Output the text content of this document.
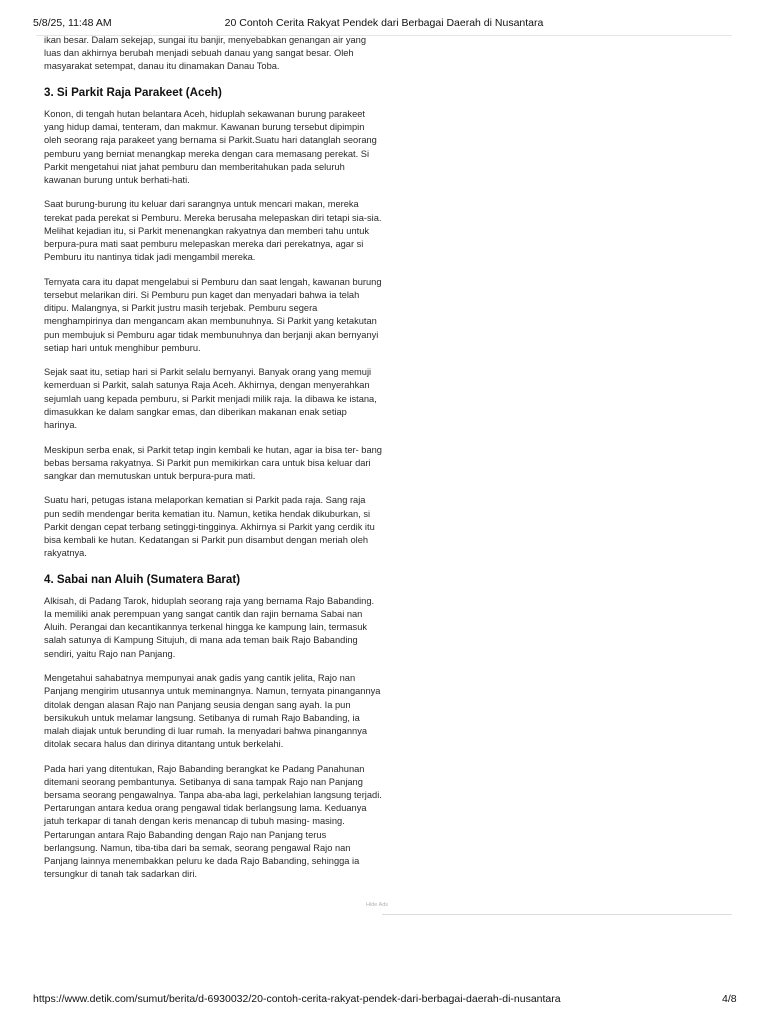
5/8/25, 11:48 AM	20 Contoh Cerita Rakyat Pendek dari Berbagai Daerah di Nusantara

ikan besar. Dalam sekejap, sungai itu banjir, menyebabkan genangan air yang luas dan akhirnya berubah menjadi sebuah danau yang sangat besar. Oleh masyarakat setempat, danau itu dinamakan Danau Toba.

3. Si Parkit Raja Parakeet (Aceh)

Konon, di tengah hutan belantara Aceh, hiduplah sekawanan burung parakeet yang hidup damai, tenteram, dan makmur. Kawanan burung tersebut dipimpin oleh seorang raja parakeet yang bernama si Parkit.Suatu hari datanglah seorang pemburu yang berniat menangkap mereka dengan cara memasang perekat. Si Parkit mengetahui niat jahat pemburu dan memberitahukan pada seluruh kawanan burung untuk berhati-hati.

Saat burung-burung itu keluar dari sarangnya untuk mencari makan, mereka terekat pada perekat si Pemburu. Mereka berusaha melepaskan diri tetapi sia-sia. Melihat kejadian itu, si Parkit menenangkan rakyatnya dan memberi tahu untuk berpura-pura mati saat pemburu melepaskan mereka dari perekatnya, agar si Pemburu itu nantinya tidak jadi mengambil mereka.

Ternyata cara itu dapat mengelabui si Pemburu dan saat lengah, kawanan burung tersebut melarikan diri. Si Pemburu pun kaget dan menyadari bahwa ia telah ditipu. Malangnya, si Parkit justru masih terjebak. Pemburu segera menghampirinya dan mengancam akan membunuhnya. Si Parkit yang ketakutan pun membujuk si Pemburu agar tidak membunuhnya dan berjanji akan bernyanyi setiap hari untuk menghibur pemburu.

Sejak saat itu, setiap hari si Parkit selalu bernyanyi. Banyak orang yang memuji kemerduan si Parkit, salah satunya Raja Aceh. Akhirnya, dengan menyerahkan sejumlah uang kepada pemburu, si Parkit menjadi milik raja. Ia dibawa ke istana, dimasukkan ke dalam sangkar emas, dan diberikan makanan enak setiap harinya.

Meskipun serba enak, si Parkit tetap ingin kembali ke hutan, agar ia bisa ter- bang bebas bersama rakyatnya. Si Parkit pun memikirkan cara untuk bisa keluar dari sangkar dan memutuskan untuk berpura-pura mati.

Suatu hari, petugas istana melaporkan kematian si Parkit pada raja. Sang raja pun sedih mendengar berita kematian itu. Namun, ketika hendak dikuburkan, si Parkit dengan cepat terbang setinggi-tingginya. Akhirnya si Parkit yang cerdik itu bisa kembali ke hutan. Kedatangan si Parkit pun disambut dengan meriah oleh rakyatnya.

4. Sabai nan Aluih (Sumatera Barat)

Alkisah, di Padang Tarok, hiduplah seorang raja yang bernama Rajo Babanding. Ia memiliki anak perempuan yang sangat cantik dan rajin bernama Sabai nan Aluih. Perangai dan kecantikannya terkenal hingga ke kampung lain, termasuk salah satunya di Kampung Situjuh, di mana ada teman baik Rajo Babanding sendiri, yaitu Rajo nan Panjang.

Mengetahui sahabatnya mempunyai anak gadis yang cantik jelita, Rajo nan Panjang mengirim utusannya untuk meminangnya. Namun, ternyata pinangannya ditolak dengan alasan Rajo nan Panjang seusia dengan sang ayah. Ia pun bersikukuh untuk melamar langsung. Setibanya di rumah Rajo Babanding, ia malah diajak untuk berunding di luar rumah. Ia menyadari bahwa pinangannya ditolak secara halus dan dirinya ditantang untuk berkelahi.

Pada hari yang ditentukan, Rajo Babanding berangkat ke Padang Panahunan ditemani seorang pembantunya. Setibanya di sana tampak Rajo nan Panjang bersama seorang pengawalnya. Tanpa aba-aba lagi, perkelahian langsung terjadi. Pertarungan antara kedua orang pengawal tidak berlangsung lama. Keduanya jatuh terkapar di tanah dengan keris menancap di tubuh masing- masing. Pertarungan antara Rajo Babanding dengan Rajo nan Panjang terus berlangsung. Namun, tiba-tiba dari ba semak, seorang pengawal Rajo nan Panjang lainnya menembakkan peluru ke dada Rajo Babanding, sehingga ia tersungkur di tanah tak sadarkan diri.

Hide Ads
https://www.detik.com/sumut/berita/d-6930032/20-contoh-cerita-rakyat-pendek-dari-berbagai-daerah-di-nusantara	4/8
